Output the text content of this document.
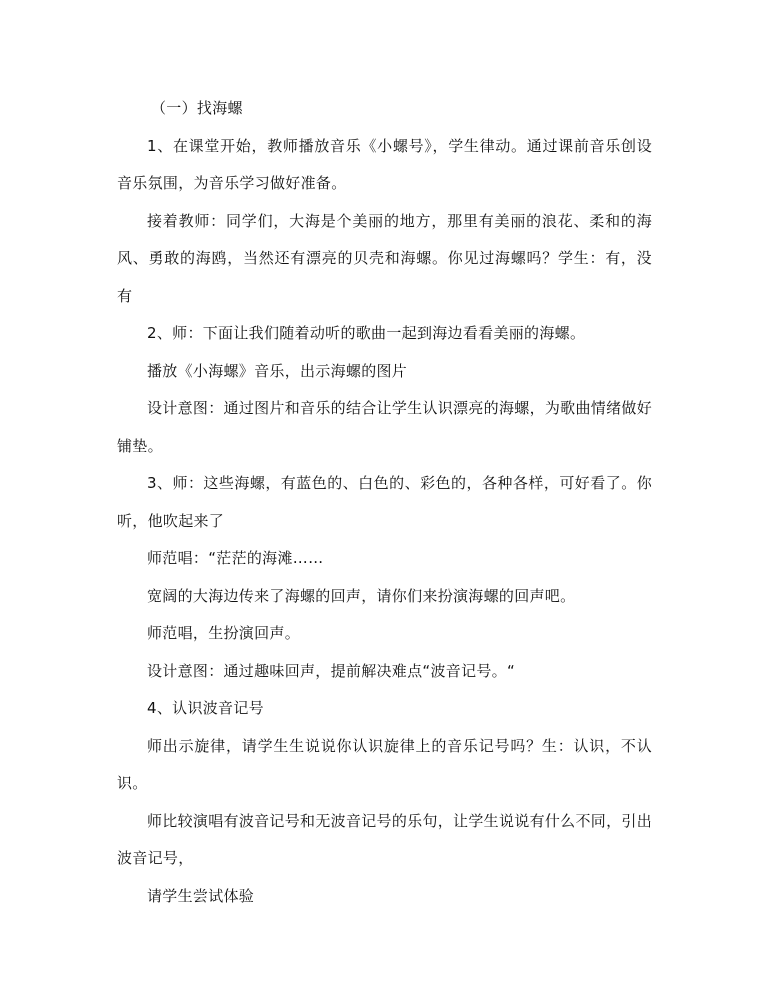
（一）找海螺

1、在课堂开始，教师播放音乐《小螺号》，学生律动。通过课前音乐创设音乐氛围，为音乐学习做好准备。

接着教师：同学们，大海是个美丽的地方，那里有美丽的浪花、柔和的海风、勇敢的海鸥，当然还有漂亮的贝壳和海螺。你见过海螺吗？学生：有，没有

2、师：下面让我们随着动听的歌曲一起到海边看看美丽的海螺。

播放《小海螺》音乐，出示海螺的图片

设计意图：通过图片和音乐的结合让学生认识漂亮的海螺，为歌曲情绪做好铺垫。

3、师：这些海螺，有蓝色的、白色的、彩色的，各种各样，可好看了。你听，他吹起来了

师范唱：“茫茫的海滩……

宽阔的大海边传来了海螺的回声，请你们来扮演海螺的回声吧。

师范唱，生扮演回声。

设计意图：通过趣味回声，提前解决难点“波音记号。“

4、认识波音记号

师出示旋律，请学生生说说你认识旋律上的音乐记号吗？生：认识，不认识。

师比较演唱有波音记号和无波音记号的乐句，让学生说说有什么不同，引出波音记号，

请学生尝试体验
